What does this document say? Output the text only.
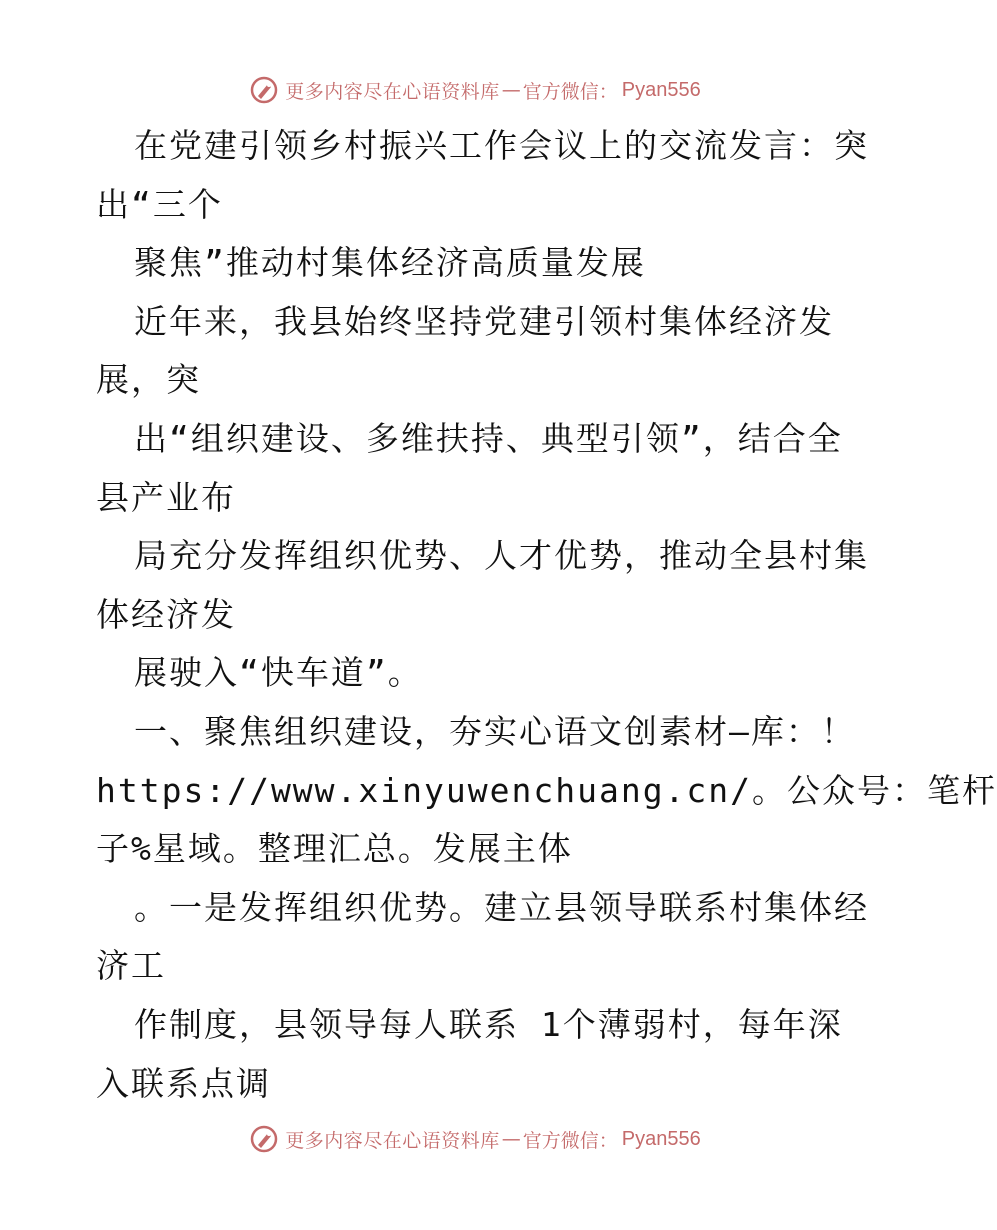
更多内容尽在心语资料库 — 官方微信： Pyan556
在党建引领乡村振兴工作会议上的交流发言：突
出“三个
聚焦”推动村集体经济高质量发展
近年来，我县始终坚持党建引领村集体经济发
展，突
出“组织建设、多维扶持、典型引领”，结合全
县产业布
局充分发挥组织优势、人才优势，推动全县村集
体经济发
展驶入“快车道”。
一、聚焦组织建设，夯实心语文创素材—库：！
https://www.xinyuwenchuang.cn/。公众号：笔杆
子%星域。整理汇总。发展主体
。一是发挥组织优势。建立县领导联系村集体经
济工
作制度，县领导每人联系 1个薄弱村，每年深
入联系点调
更多内容尽在心语资料库 — 官方微信： Pyan556
